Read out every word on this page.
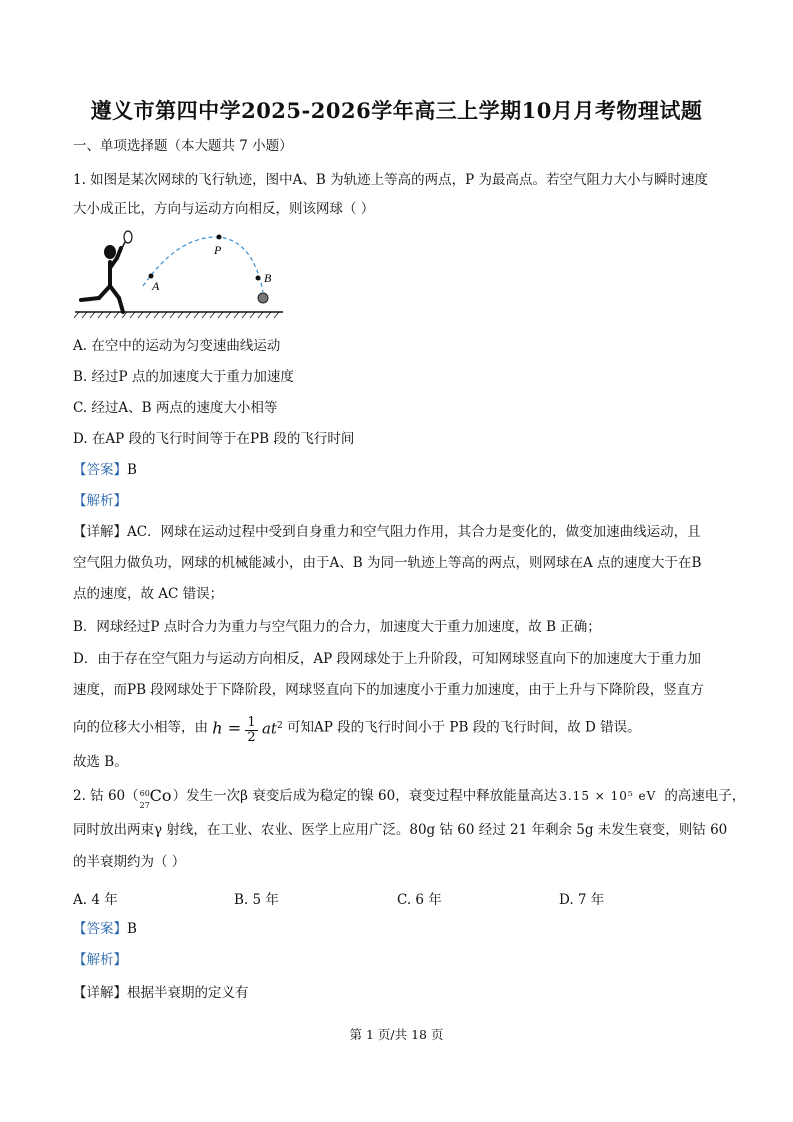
遵义市第四中学2025-2026学年高三上学期10月月考物理试题
一、单项选择题（本大题共 7 小题）
1. 如图是某次网球的飞行轨迹，图中A、B 为轨迹上等高的两点，P 为最高点。若空气阻力大小与瞬时速度
大小成正比，方向与运动方向相反，则该网球（ ）
A
P
B
A. 在空中的运动为匀变速曲线运动
B. 经过P 点的加速度大于重力加速度
C. 经过A、B 两点的速度大小相等
D. 在AP 段的飞行时间等于在PB 段的飞行时间
【答案】B
【解析】
【详解】AC．网球在运动过程中受到自身重力和空气阻力作用，其合力是变化的，做变加速曲线运动，且
空气阻力做负功，网球的机械能减小，由于A、B 为同一轨迹上等高的两点，则网球在A 点的速度大于在B
点的速度，故 AC 错误；
B．网球经过P 点时合力为重力与空气阻力的合力，加速度大于重力加速度，故 B 正确；
D．由于存在空气阻力与运动方向相反，AP 段网球处于上升阶段，可知网球竖直向下的加速度大于重力加
速度，而PB 段网球处于下降阶段，网球竖直向下的加速度小于重力加速度，由于上升与下降阶段，竖直方
向的位移大小相等，由 $h = \frac{1}{2} at^2$ 可知AP 段的飞行时间小于 PB 段的飞行时间，故 D 错误。
故选 B。
2. 钴 60（ 60
27
Co ）发生一次β 衰变后成为稳定的镍 60，衰变过程中释放能量高达 3.15 × 10⁵ eV 的高速电子，
同时放出两束γ 射线，在工业、农业、医学上应用广泛。80g 钴 60 经过 21 年剩余 5g 未发生衰变，则钴 60
的半衰期约为（ ）
A. 4 年	B. 5 年	C. 6 年	D. 7 年
【答案】B
【解析】
【详解】根据半衰期的定义有
第 1 页/共 18 页
